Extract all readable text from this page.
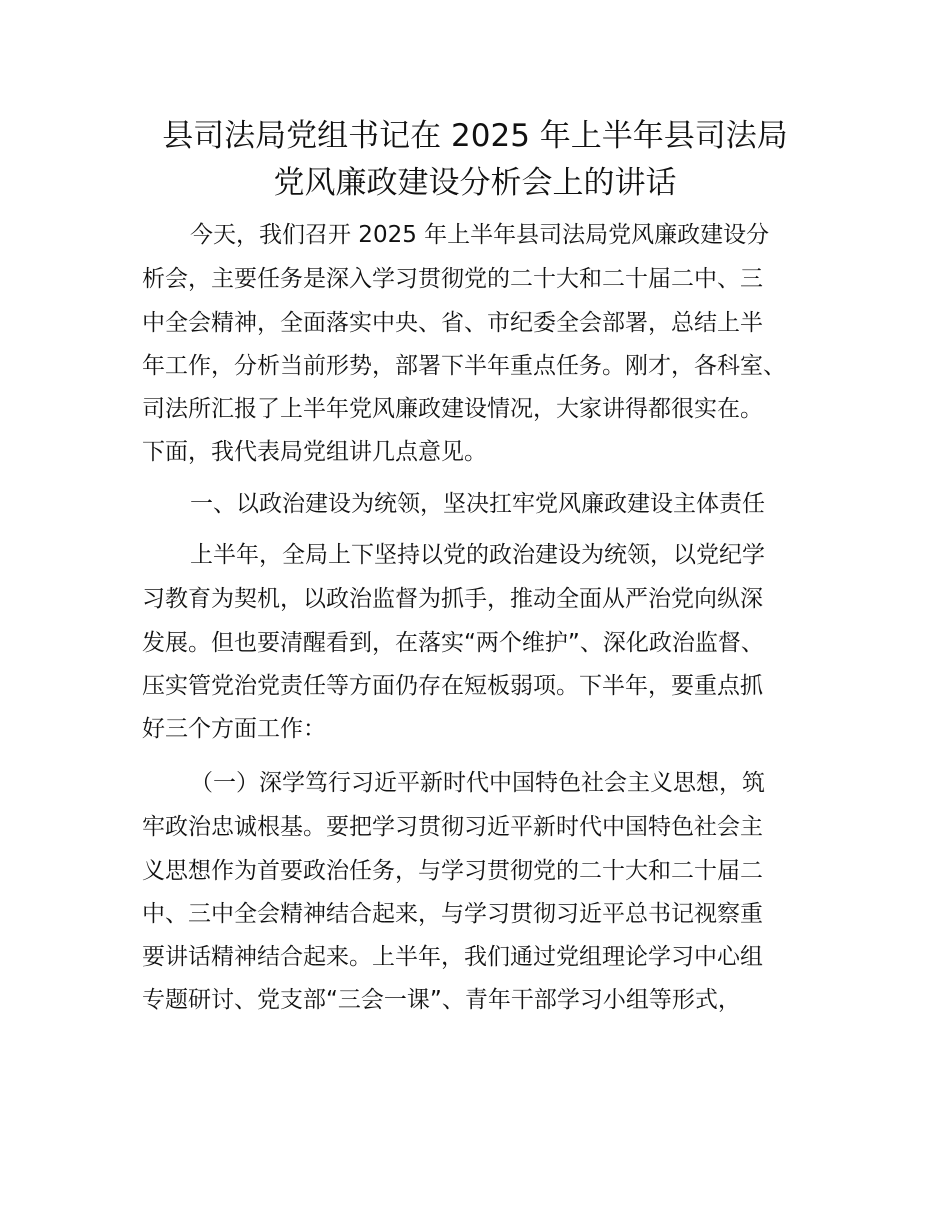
县司法局党组书记在 2025 年上半年县司法局
党风廉政建设分析会上的讲话
今天，我们召开 2025 年上半年县司法局党风廉政建设分
析会，主要任务是深入学习贯彻党的二十大和二十届二中、三
中全会精神，全面落实中央、省、市纪委全会部署，总结上半
年工作，分析当前形势，部署下半年重点任务。刚才，各科室、
司法所汇报了上半年党风廉政建设情况，大家讲得都很实在。
下面，我代表局党组讲几点意见。
一、以政治建设为统领，坚决扛牢党风廉政建设主体责任
上半年，全局上下坚持以党的政治建设为统领，以党纪学
习教育为契机，以政治监督为抓手，推动全面从严治党向纵深
发展。但也要清醒看到，在落实“两个维护”、深化政治监督、
压实管党治党责任等方面仍存在短板弱项。下半年，要重点抓
好三个方面工作：
（一）深学笃行习近平新时代中国特色社会主义思想，筑
牢政治忠诚根基。要把学习贯彻习近平新时代中国特色社会主
义思想作为首要政治任务，与学习贯彻党的二十大和二十届二
中、三中全会精神结合起来，与学习贯彻习近平总书记视察重
要讲话精神结合起来。上半年，我们通过党组理论学习中心组
专题研讨、党支部“三会一课”、青年干部学习小组等形式，
